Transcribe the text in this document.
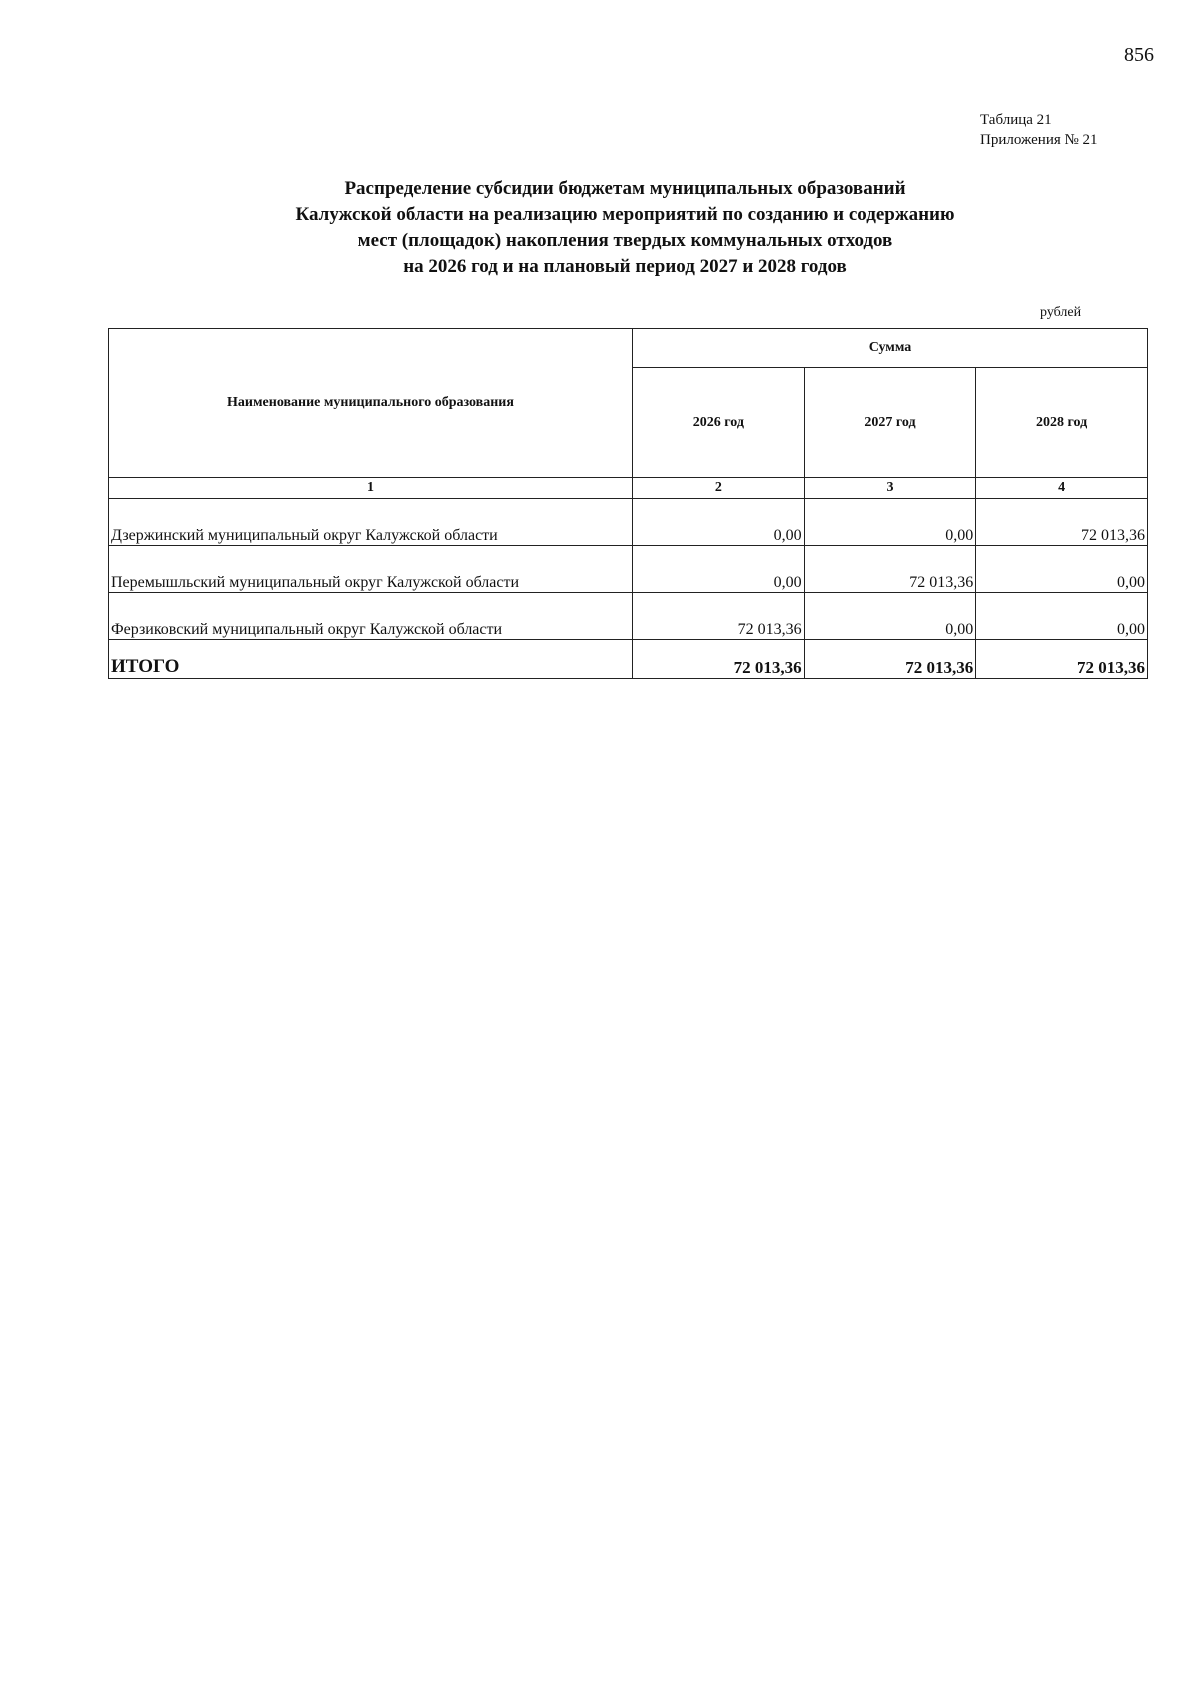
856
Таблица 21
Приложения № 21
Распределение субсидии бюджетам муниципальных образований
Калужской области на реализацию мероприятий по созданию и содержанию
мест (площадок) накопления твердых коммунальных отходов
на 2026 год и на плановый период 2027 и 2028 годов
рублей
Наименование муниципального образования	Сумма		
	2026 год	2027 год	2028 год
1	2	3	4
Дзержинский муниципальный округ Калужской области	0,00	0,00	72 013,36
Перемышльский муниципальный округ Калужской области	0,00	72 013,36	0,00
Ферзиковский муниципальный округ Калужской области	72 013,36	0,00	0,00
ИТОГО	72 013,36	72 013,36	72 013,36
